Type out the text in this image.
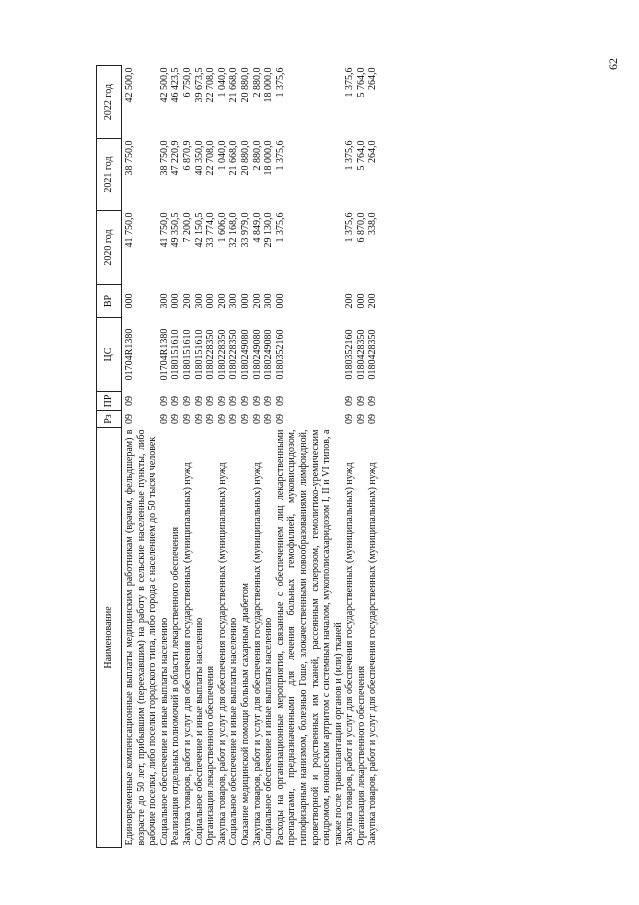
62
Наименование	Рз	ПР	ЦС	ВР	2020 год	2021 год	2022 год
Единовременные компенсационные выплаты медицинским работникам (врачам, фельдшерам) в возрасте до 50 лет, прибывшим (переехавшим) на работу в сельские населенные пункты, либо рабочие поселки, либо поселки городского типа, либо города с населением до 50 тысяч человек	09	09	01704R1380	000	41 750,0	38 750,0	42 500,0
Социальное обеспечение и иные выплаты населению	09	09	01704R1380	300	41 750,0	38 750,0	42 500,0
Реализация отдельных полномочий в области лекарственного обеспечения	09	09	0180151610	000	49 350,5	47 220,9	46 423,5
Закупка товаров, работ и услуг для обеспечения государственных (муниципальных) нужд	09	09	0180151610	200	7 200,0	6 870,9	6 750,0
Социальное обеспечение и иные выплаты населению	09	09	0180151610	300	42 150,5	40 350,0	39 673,5
Организация лекарственного обеспечения	09	09	0180228350	000	33 774,0	22 708,0	22 708,0
Закупка товаров, работ и услуг для обеспечения государственных (муниципальных) нужд	09	09	0180228350	200	1 606,0	1 040,0	1 040,0
Социальное обеспечение и иные выплаты населению	09	09	0180228350	300	32 168,0	21 668,0	21 668,0
Оказание медицинской помощи больным сахарным диабетом	09	09	0180249080	000	33 979,0	20 880,0	20 880,0
Закупка товаров, работ и услуг для обеспечения государственных (муниципальных) нужд	09	09	0180249080	200	4 849,0	2 880,0	2 880,0
Социальное обеспечение и иные выплаты населению	09	09	0180249080	300	29 130,0	18 000,0	18 000,0
Расходы на организационные мероприятия, связанные с обеспечением лиц лекарственными препаратами, предназначенными для лечения больных гемофилией, муковисцидозом, гипофизарным нанизмом, болезнью Гоше, злокачественными новообразованиями лимфоидной, кроветворной и родственных им тканей, рассеянным склерозом, гемолитико-уремическим синдромом, юношеским артритом с системным началом, мукополисахаридозом I, II и VI типов, а также после трансплантации органов и (или) тканей	09	09	0180352160	000	1 375,6	1 375,6	1 375,6
Закупка товаров, работ и услуг для обеспечения государственных (муниципальных) нужд	09	09	0180352160	200	1 375,6	1 375,6	1 375,6
Организация лекарственного обеспечения	09	09	0180428350	000	6 870,0	5 764,0	5 764,0
Закупка товаров, работ и услуг для обеспечения государственных (муниципальных) нужд	09	09	0180428350	200	338,0	264,0	264,0
